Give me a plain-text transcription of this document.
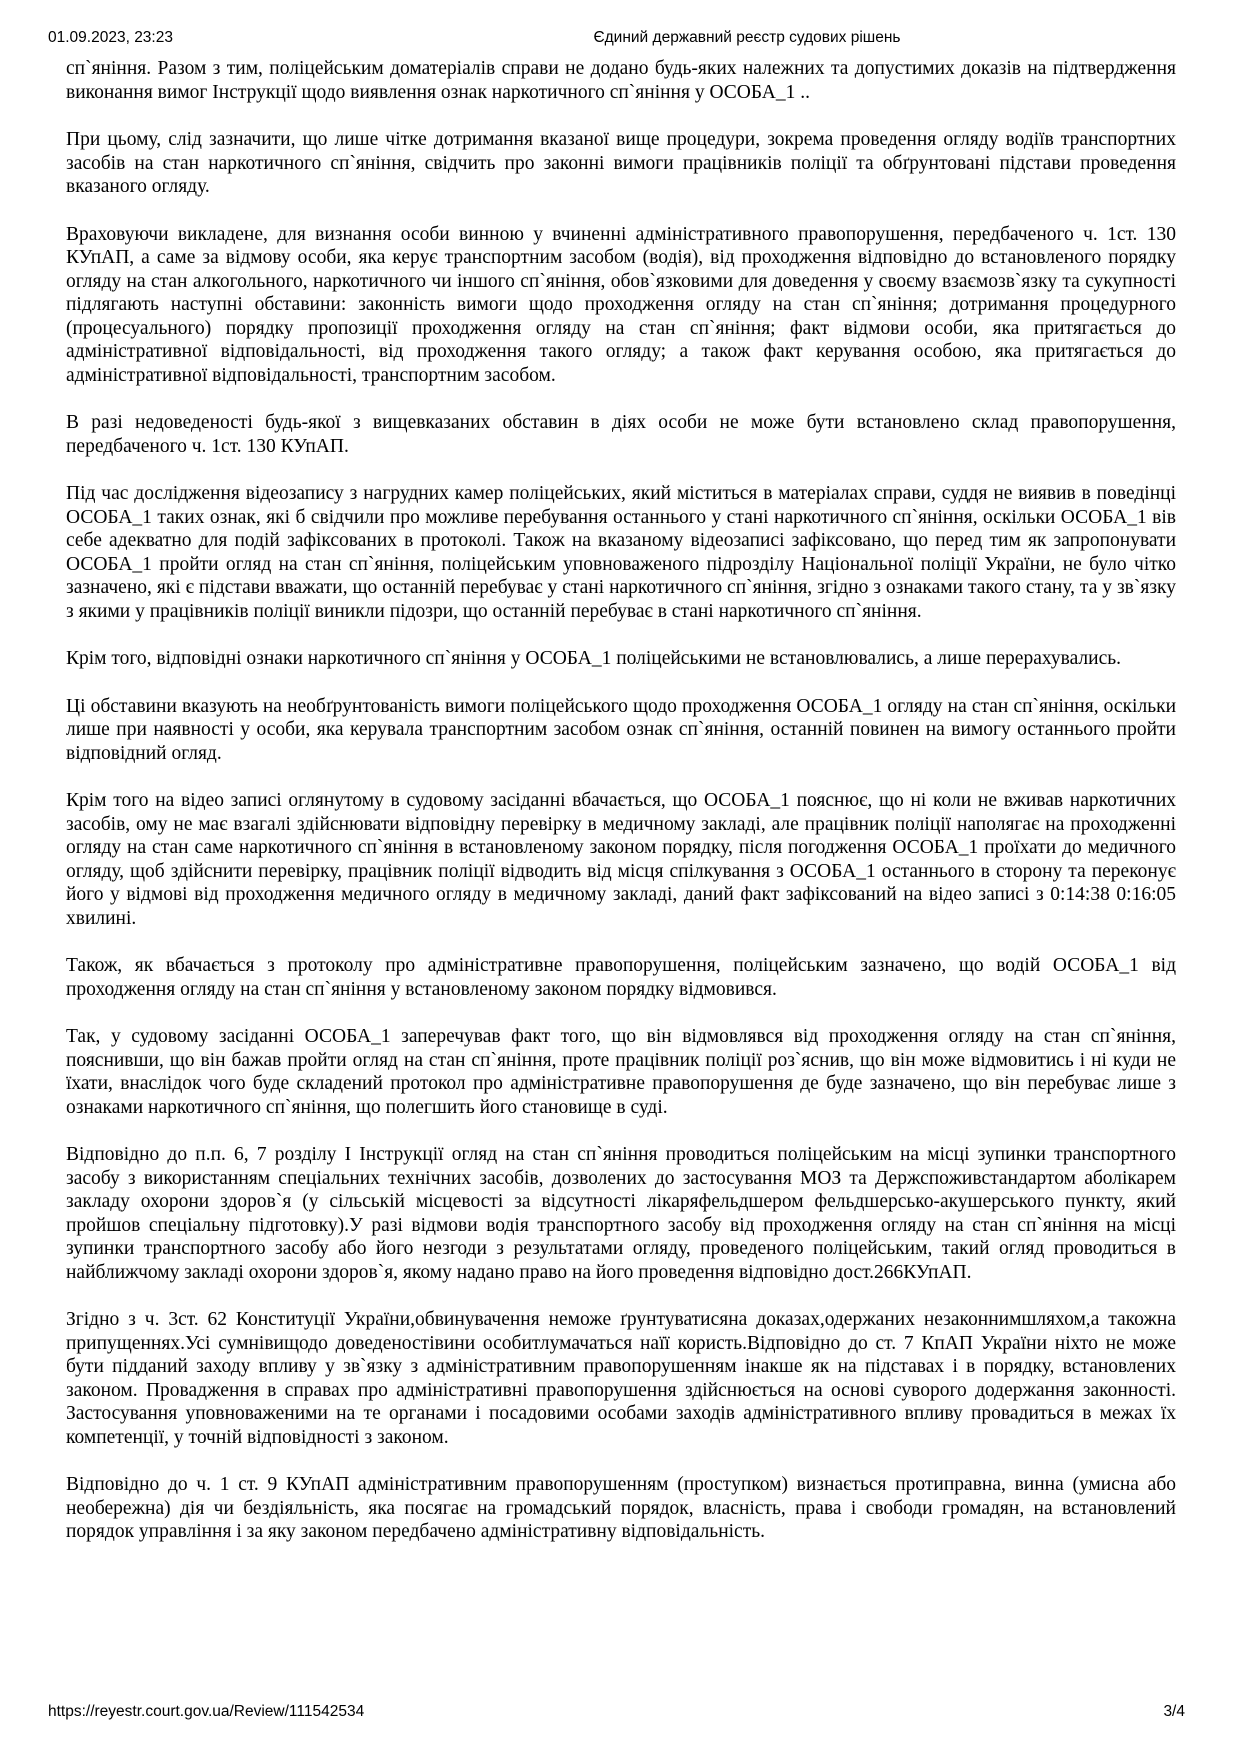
01.09.2023, 23:23	Єдиний державний реєстр судових рішень

сп`яніння. Разом з тим, поліцейським доматеріалів справи не додано будь-яких належних та допустимих доказів на підтвердження виконання вимог Інструкції щодо виявлення ознак наркотичного сп`яніння у ОСОБА_1 ..

При цьому, слід зазначити, що лише чітке дотримання вказаної вище процедури, зокрема проведення огляду водіїв транспортних засобів на стан наркотичного сп`яніння, свідчить про законні вимоги працівників поліції та обґрунтовані підстави проведення вказаного огляду.

Враховуючи викладене, для визнання особи винною у вчиненні адміністративного правопорушення, передбаченого ч. 1ст. 130 КУпАП, а саме за відмову особи, яка керує транспортним засобом (водія), від проходження відповідно до встановленого порядку огляду на стан алкогольного, наркотичного чи іншого сп`яніння, обов`язковими для доведення у своєму взаємозв`язку та сукупності підлягають наступні обставини: законність вимоги щодо проходження огляду на стан сп`яніння; дотримання процедурного (процесуального) порядку пропозиції проходження огляду на стан сп`яніння; факт відмови особи, яка притягається до адміністративної відповідальності, від проходження такого огляду; а також факт керування особою, яка притягається до адміністративної відповідальності, транспортним засобом.

В разі недоведеності будь-якої з вищевказаних обставин в діях особи не може бути встановлено склад правопорушення, передбаченого ч. 1ст. 130 КУпАП.

Під час дослідження відеозапису з нагрудних камер поліцейських, який міститься в матеріалах справи, суддя не виявив в поведінці ОСОБА_1 таких ознак, які б свідчили про можливе перебування останнього у стані наркотичного сп`яніння, оскільки ОСОБА_1 вів себе адекватно для подій зафіксованих в протоколі. Також на вказаному відеозаписі зафіксовано, що перед тим як запропонувати ОСОБА_1 пройти огляд на стан сп`яніння, поліцейським уповноваженого підрозділу Національної поліції України, не було чітко зазначено, які є підстави вважати, що останній перебуває у стані наркотичного сп`яніння, згідно з ознаками такого стану, та у зв`язку з якими у працівників поліції виникли підозри, що останній перебуває в стані наркотичного сп`яніння.

Крім того, відповідні ознаки наркотичного сп`яніння у ОСОБА_1 поліцейськими не встановлювались, а лише перерахувались.

Ці обставини вказують на необґрунтованість вимоги поліцейського щодо проходження ОСОБА_1 огляду на стан сп`яніння, оскільки лише при наявності у особи, яка керувала транспортним засобом ознак сп`яніння, останній повинен на вимогу останнього пройти відповідний огляд.

Крім того на відео записі оглянутому в судовому засіданні вбачається, що ОСОБА_1 пояснює, що ні коли не вживав наркотичних засобів, ому не має взагалі здійснювати відповідну перевірку в медичному закладі, але працівник поліції наполягає на проходженні огляду на стан саме наркотичного сп`яніння в встановленому законом порядку, після погодження ОСОБА_1 проїхати до медичного огляду, щоб здійснити перевірку, працівник поліції відводить від місця спілкування з ОСОБА_1 останнього в сторону та переконує його у відмові від проходження медичного огляду в медичному закладі, даний факт зафіксований на відео записі з 0:14:38 0:16:05 хвилині.

Також, як вбачається з протоколу про адміністративне правопорушення, поліцейським зазначено, що водій ОСОБА_1 від проходження огляду на стан сп`яніння у встановленому законом порядку відмовився.

Так, у судовому засіданні ОСОБА_1 заперечував факт того, що він відмовлявся від проходження огляду на стан сп`яніння, пояснивши, що він бажав пройти огляд на стан сп`яніння, проте працівник поліції роз`яснив, що він може відмовитись і ні куди не їхати, внаслідок чого буде складений протокол про адміністративне правопорушення де буде зазначено, що він перебуває лише з ознаками наркотичного сп`яніння, що полегшить його становище в суді.

Відповідно до п.п. 6, 7 розділу І Інструкції огляд на стан сп`яніння проводиться поліцейським на місці зупинки транспортного засобу з використанням спеціальних технічних засобів, дозволених до застосування МОЗ та Держспоживстандартом аболікарем закладу охорони здоров`я (у сільській місцевості за відсутності лікаряфельдшером фельдшерсько-акушерського пункту, який пройшов спеціальну підготовку).У разі відмови водія транспортного засобу від проходження огляду на стан сп`яніння на місці зупинки транспортного засобу або його незгоди з результатами огляду, проведеного поліцейським, такий огляд проводиться в найближчому закладі охорони здоров`я, якому надано право на його проведення відповідно дост.266КУпАП.

Згідно з ч. 3ст. 62 Конституції України,обвинувачення неможе ґрунтуватисяна доказах,одержаних незаконнимшляхом,а такожна припущеннях.Усі сумнівищодо доведеностівини особитлумачаться наїї користь.Відповідно до ст. 7 КпАП України ніхто не може бути підданий заходу впливу у зв`язку з адміністративним правопорушенням інакше як на підставах і в порядку, встановлених законом. Провадження в справах про адміністративні правопорушення здійснюється на основі суворого додержання законності. Застосування уповноваженими на те органами і посадовими особами заходів адміністративного впливу провадиться в межах їх компетенції, у точній відповідності з законом.

Відповідно до ч. 1 ст. 9 КУпАП адміністративним правопорушенням (проступком) визнається протиправна, винна (умисна або необережна) дія чи бездіяльність, яка посягає на громадський порядок, власність, права і свободи громадян, на встановлений порядок управління і за яку законом передбачено адміністративну відповідальність.

https://reyestr.court.gov.ua/Review/111542534	3/4
